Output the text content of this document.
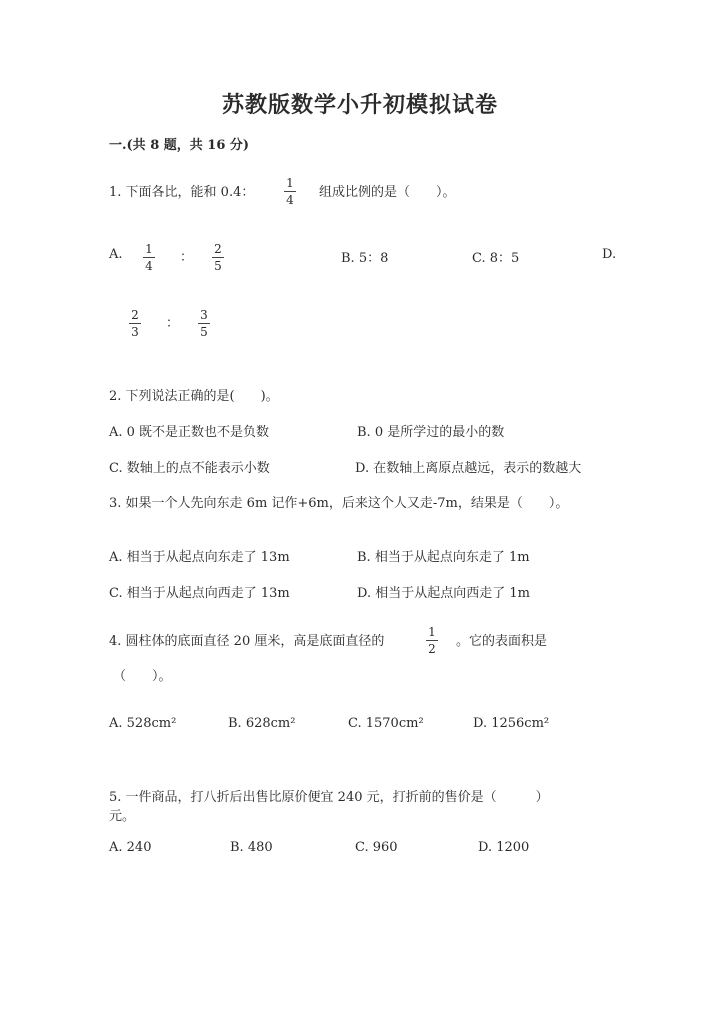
苏教版数学小升初模拟试卷
一.(共 8 题，共 16 分)
1. 下面各比，能和 0.4：
1
4 组成比例的是（　　）。
A. 1
4
：
2
5	B. 5：8	C. 8：5	D.
2
3
：
3
5
2. 下列说法正确的是(　　)。
A. 0 既不是正数也不是负数	B. 0 是所学过的最小的数
C. 数轴上的点不能表示小数	D. 在数轴上离原点越远，表示的数越大
3. 如果一个人先向东走 6m 记作+6m，后来这个人又走-7m，结果是（　　）。
A. 相当于从起点向东走了 13m	B. 相当于从起点向东走了 1m
C. 相当于从起点向西走了 13m	D. 相当于从起点向西走了 1m
4. 圆柱体的底面直径 20 厘米，高是底面直径的
1
2 。它的表面积是
（　　）。
A. 528cm²	B. 628cm²	C. 1570cm²	D. 1256cm²
5. 一件商品，打八折后出售比原价便宜 240 元，打折前的售价是（　　　）
元。
A. 240	B. 480	C. 960	D. 1200
